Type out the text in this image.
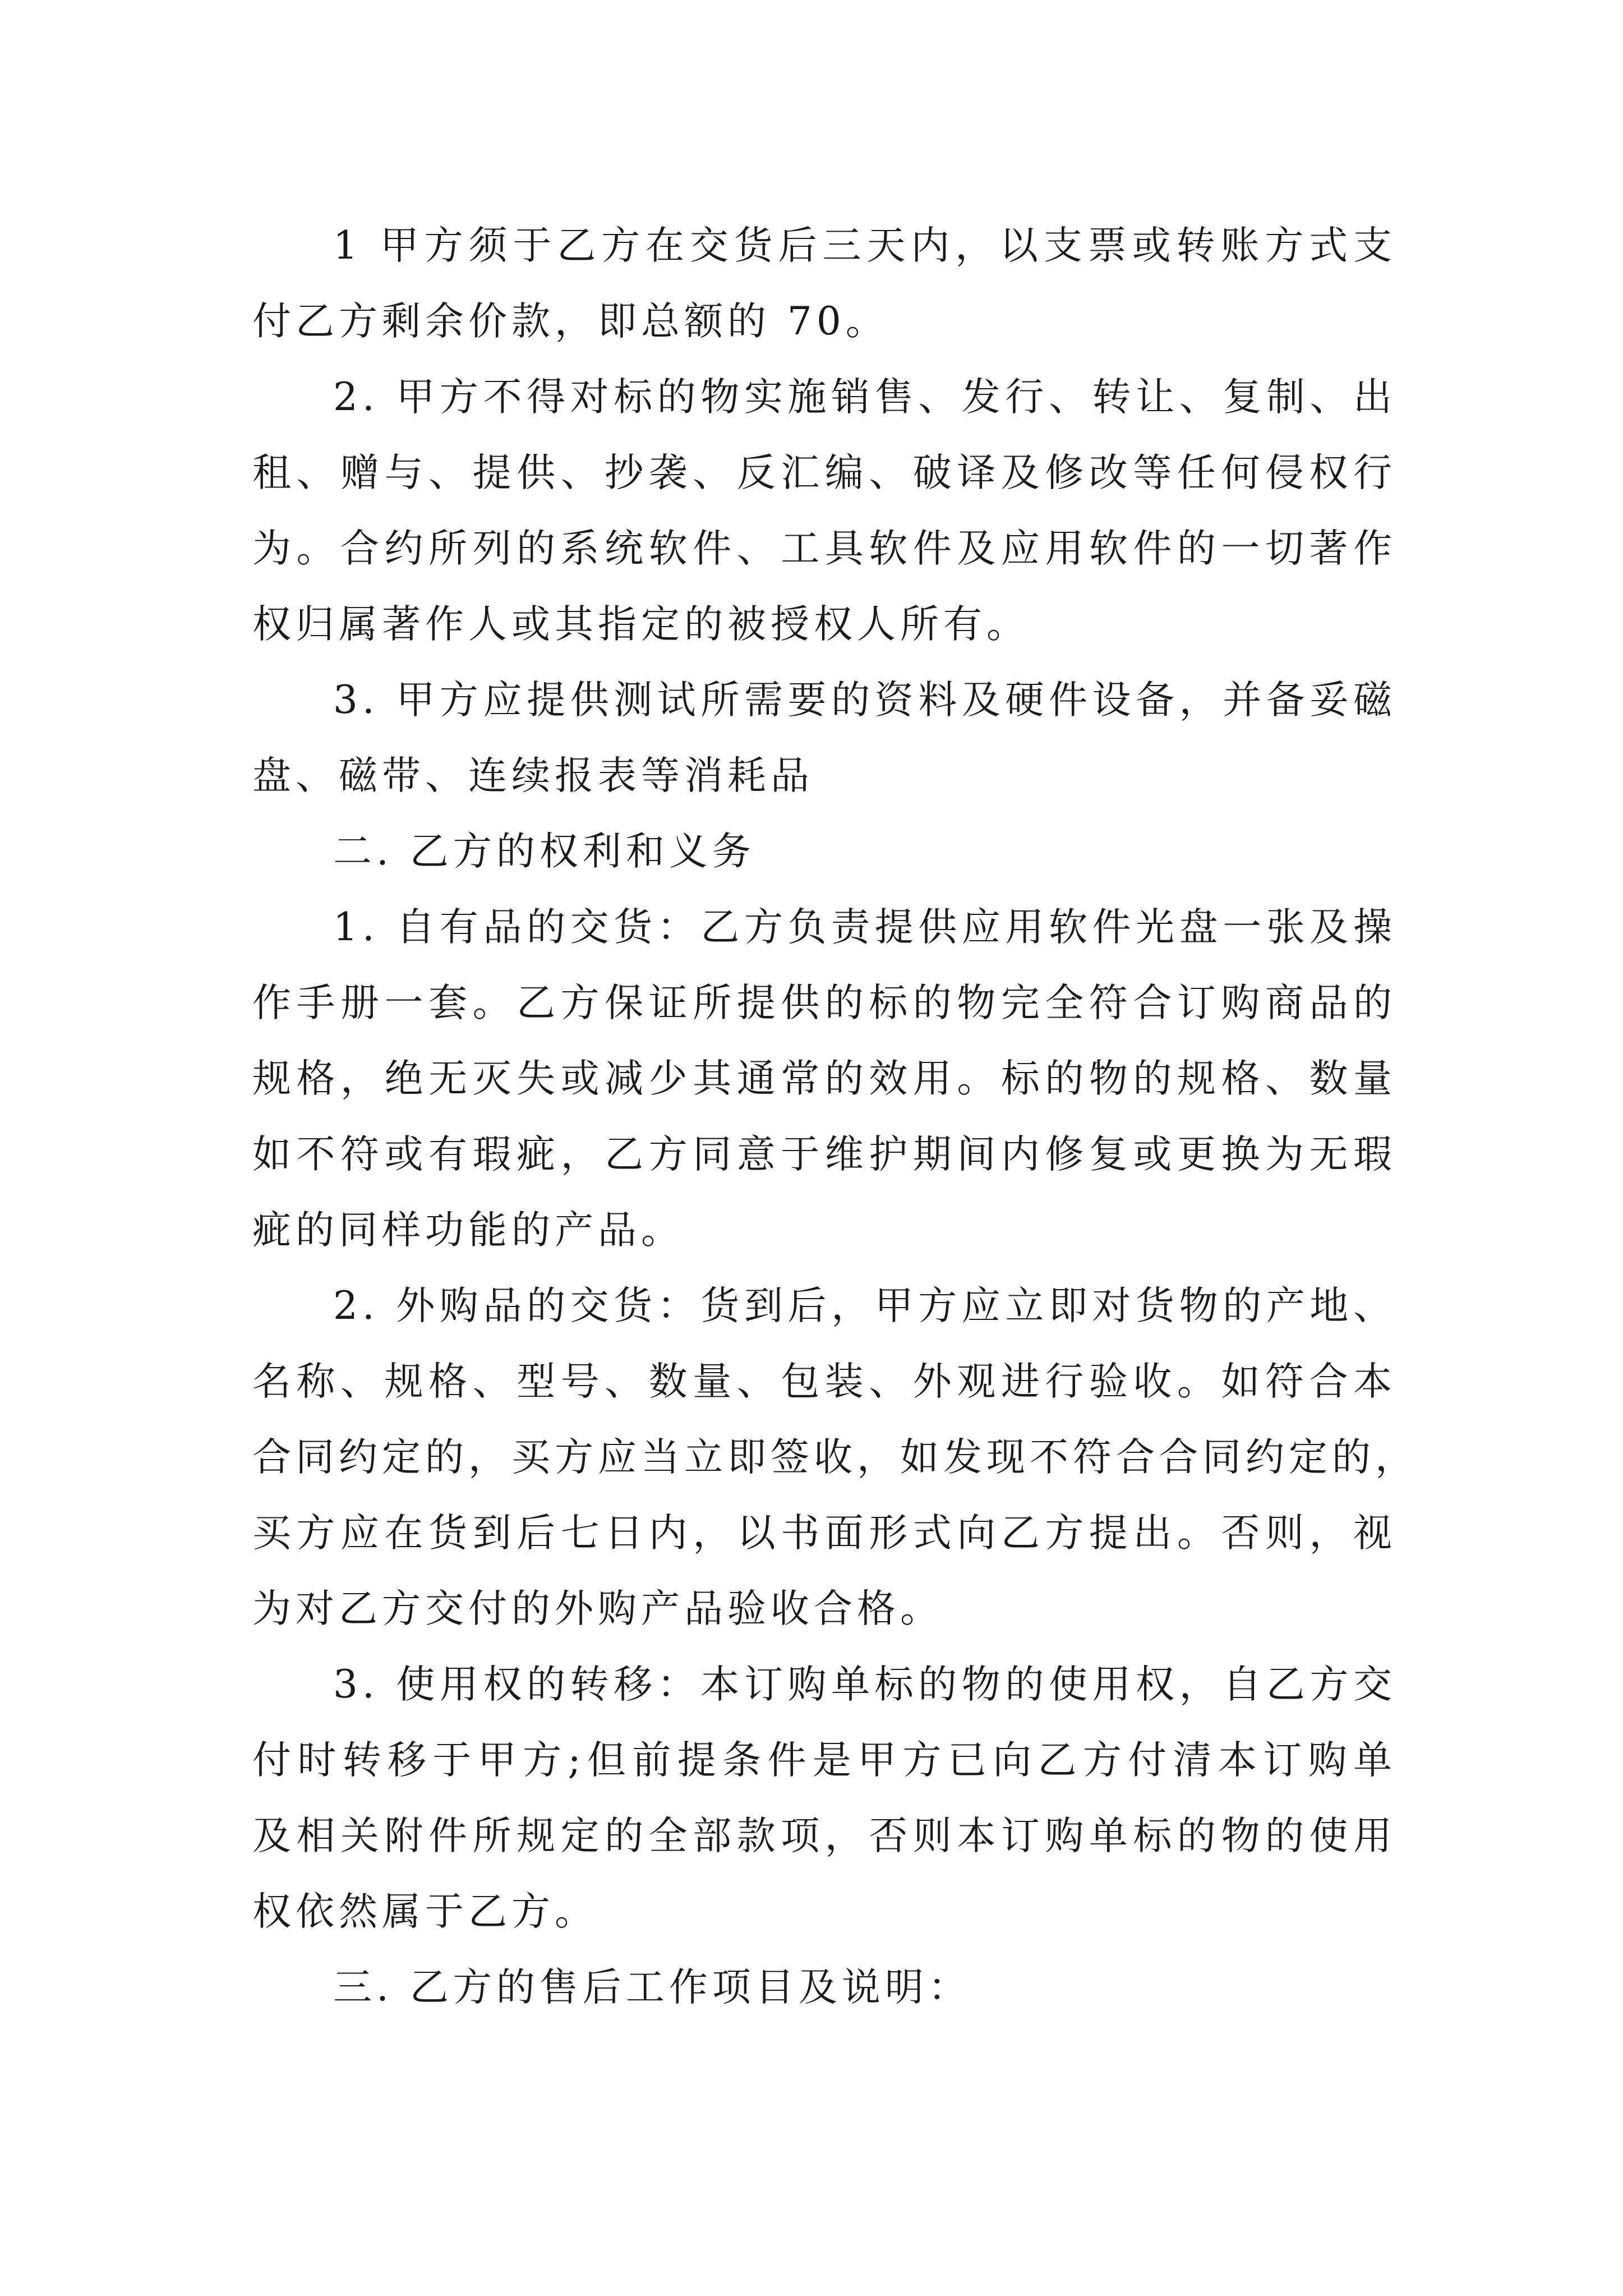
1 甲方须于乙方在交货后三天内，以支票或转账方式支
付乙方剩余价款，即总额的 70。
2. 甲方不得对标的物实施销售、发行、转让、复制、出
租、赠与、提供、抄袭、反汇编、破译及修改等任何侵权行
为。合约所列的系统软件、工具软件及应用软件的一切著作
权归属著作人或其指定的被授权人所有。
3. 甲方应提供测试所需要的资料及硬件设备，并备妥磁
盘、磁带、连续报表等消耗品
二. 乙方的权利和义务
1. 自有品的交货：乙方负责提供应用软件光盘一张及操
作手册一套。乙方保证所提供的标的物完全符合订购商品的
规格，绝无灭失或减少其通常的效用。标的物的规格、数量
如不符或有瑕疵，乙方同意于维护期间内修复或更换为无瑕
疵的同样功能的产品。
2. 外购品的交货：货到后，甲方应立即对货物的产地、
名称、规格、型号、数量、包装、外观进行验收。如符合本
合同约定的，买方应当立即签收，如发现不符合合同约定的，
买方应在货到后七日内，以书面形式向乙方提出。否则，视
为对乙方交付的外购产品验收合格。
3. 使用权的转移：本订购单标的物的使用权，自乙方交
付时转移于甲方;但前提条件是甲方已向乙方付清本订购单
及相关附件所规定的全部款项，否则本订购单标的物的使用
权依然属于乙方。
三. 乙方的售后工作项目及说明：
